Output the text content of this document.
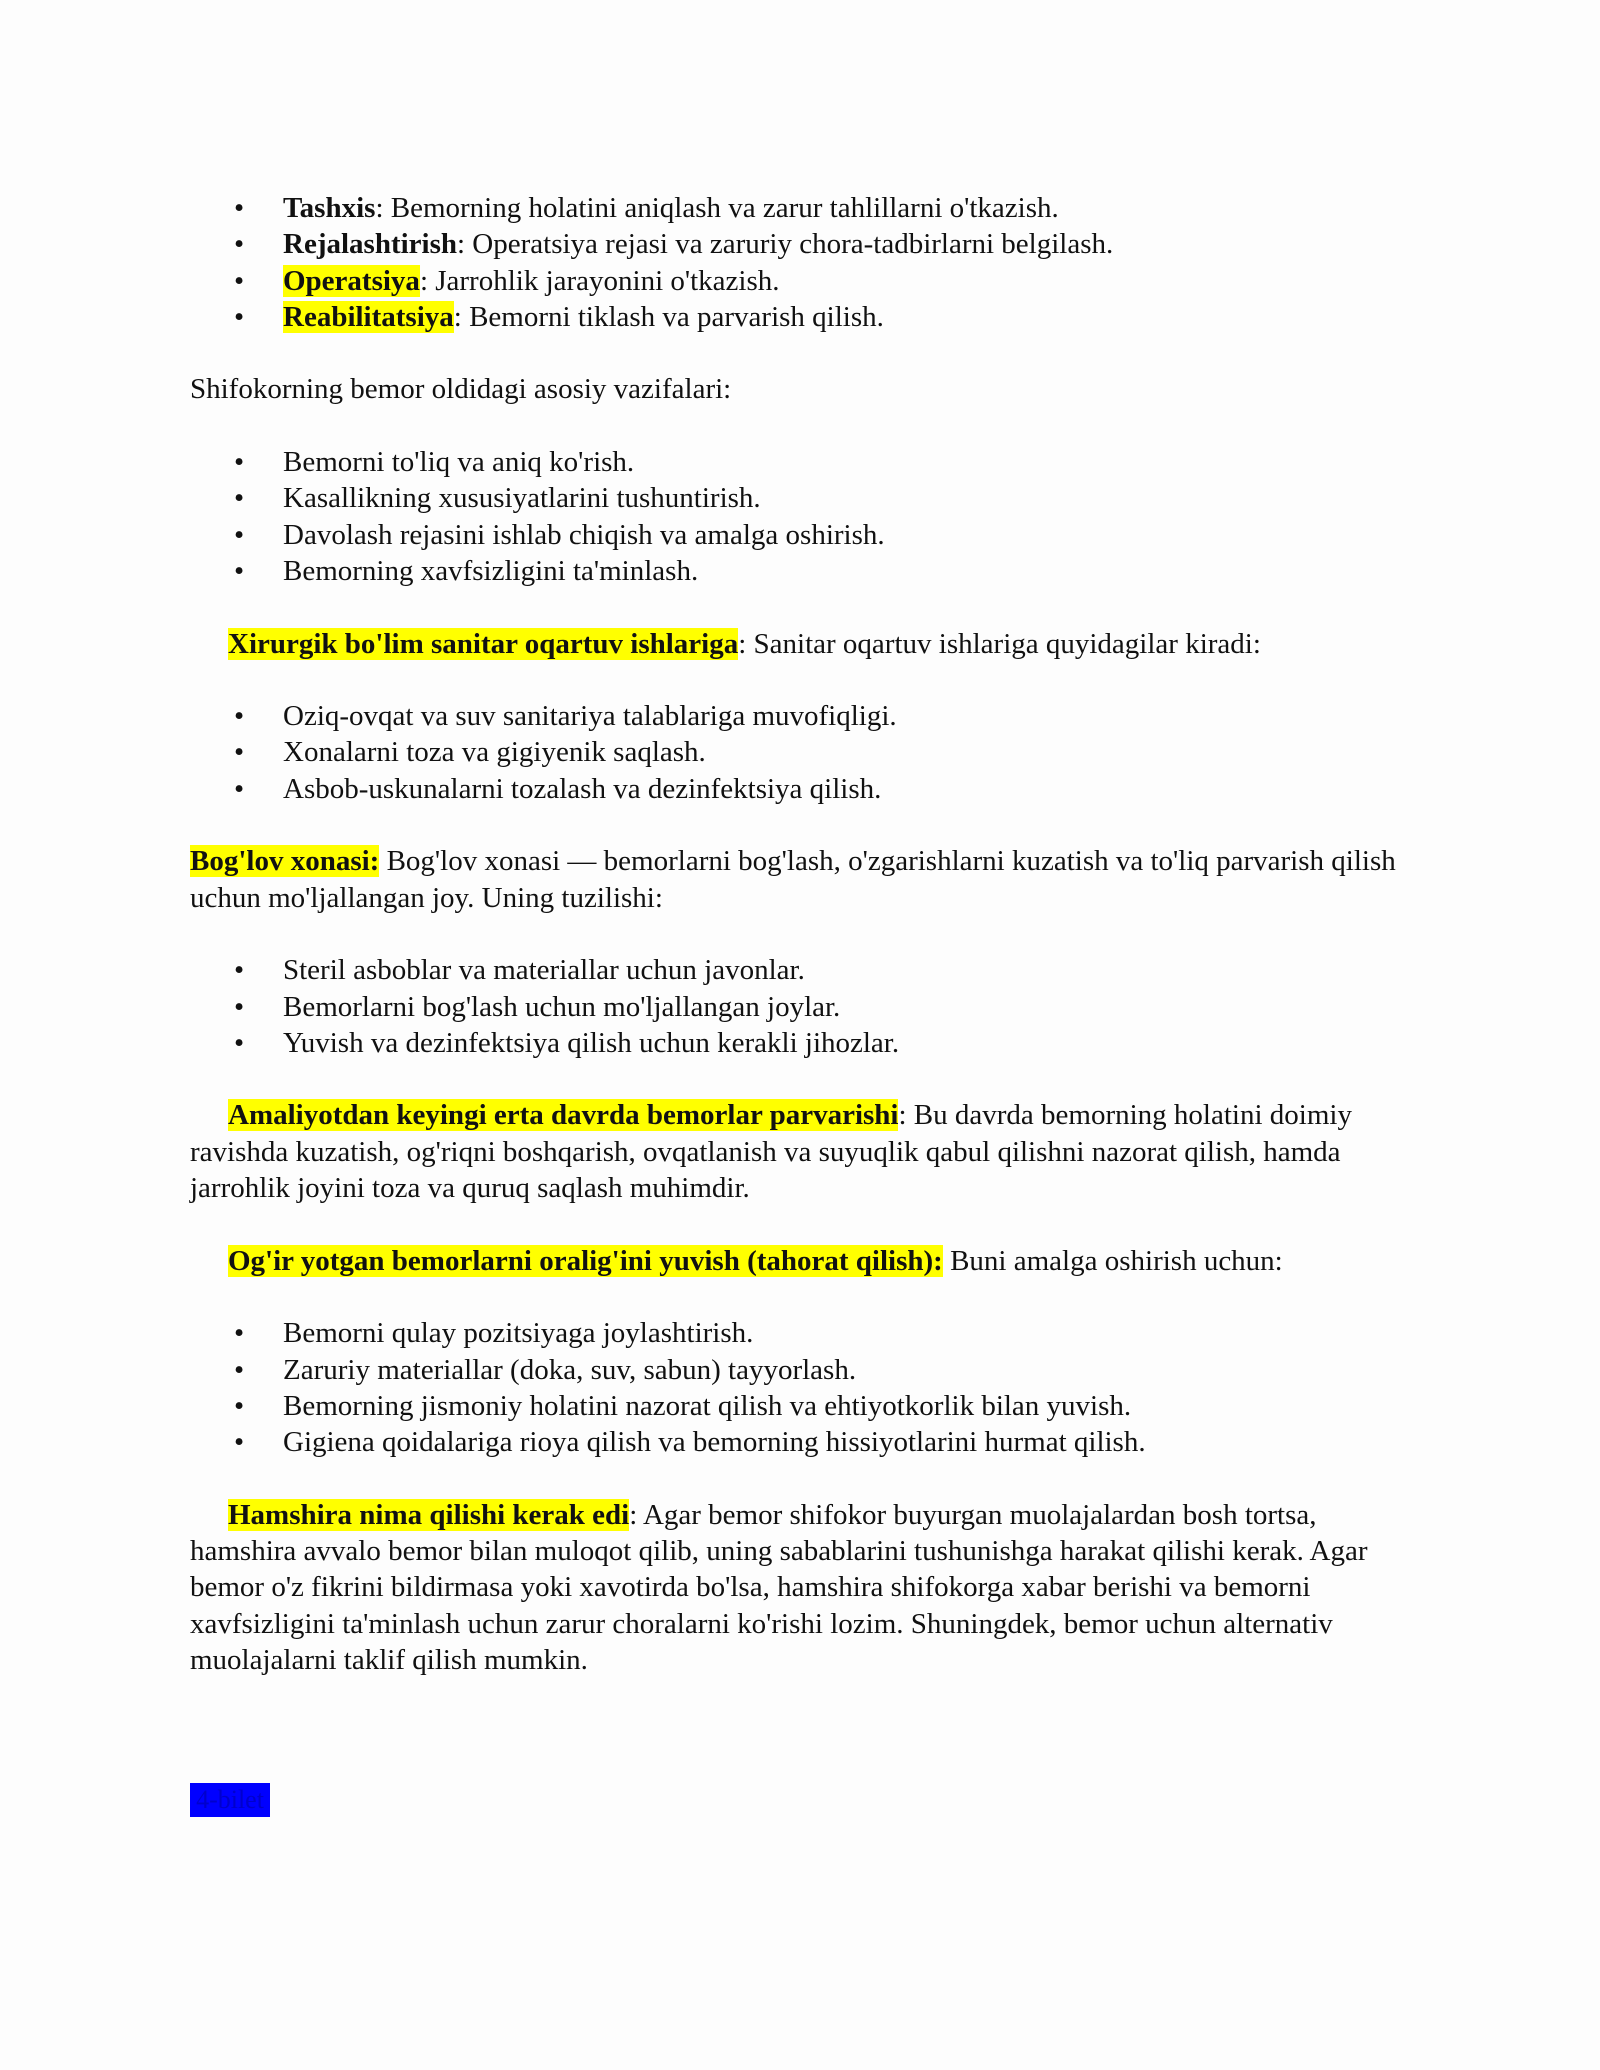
• Tashxis: Bemorning holatini aniqlash va zarur tahlillarni o'tkazish.
• Rejalashtirish: Operatsiya rejasi va zaruriy chora-tadbirlarni belgilash.
• Operatsiya: Jarrohlik jarayonini o'tkazish.
• Reabilitatsiya: Bemorni tiklash va parvarish qilish.

Shifokorning bemor oldidagi asosiy vazifalari:

• Bemorni to'liq va aniq ko'rish.
• Kasallikning xususiyatlarini tushuntirish.
• Davolash rejasini ishlab chiqish va amalga oshirish.
• Bemorning xavfsizligini ta'minlash.

Xirurgik bo'lim sanitar oqartuv ishlariga: Sanitar oqartuv ishlariga quyidagilar kiradi:

• Oziq-ovqat va suv sanitariya talablariga muvofiqligi.
• Xonalarni toza va gigiyenik saqlash.
• Asbob-uskunalarni tozalash va dezinfektsiya qilish.

Bog'lov xonasi: Bog'lov xonasi — bemorlarni bog'lash, o'zgarishlarni kuzatish va to'liq parvarish qilish uchun mo'ljallangan joy. Uning tuzilishi:

• Steril asboblar va materiallar uchun javonlar.
• Bemorlarni bog'lash uchun mo'ljallangan joylar.
• Yuvish va dezinfektsiya qilish uchun kerakli jihozlar.

Amaliyotdan keyingi erta davrda bemorlar parvarishi: Bu davrda bemorning holatini doimiy ravishda kuzatish, og'riqni boshqarish, ovqatlanish va suyuqlik qabul qilishni nazorat qilish, hamda jarrohlik joyini toza va quruq saqlash muhimdir.

Og'ir yotgan bemorlarni oralig'ini yuvish (tahorat qilish): Buni amalga oshirish uchun:

• Bemorni qulay pozitsiyaga joylashtirish.
• Zaruriy materiallar (doka, suv, sabun) tayyorlash.
• Bemorning jismoniy holatini nazorat qilish va ehtiyotkorlik bilan yuvish.
• Gigiena qoidalariga rioya qilish va bemorning hissiyotlarini hurmat qilish.

Hamshira nima qilishi kerak edi: Agar bemor shifokor buyurgan muolajalardan bosh tortsa, hamshira avvalo bemor bilan muloqot qilib, uning sabablarini tushunishga harakat qilishi kerak. Agar bemor o'z fikrini bildirmasa yoki xavotirda bo'lsa, hamshira shifokorga xabar berishi va bemorni xavfsizligini ta'minlash uchun zarur choralarni ko'rishi lozim. Shuningdek, bemor uchun alternativ muolajalarni taklif qilish mumkin.

4-bilet
